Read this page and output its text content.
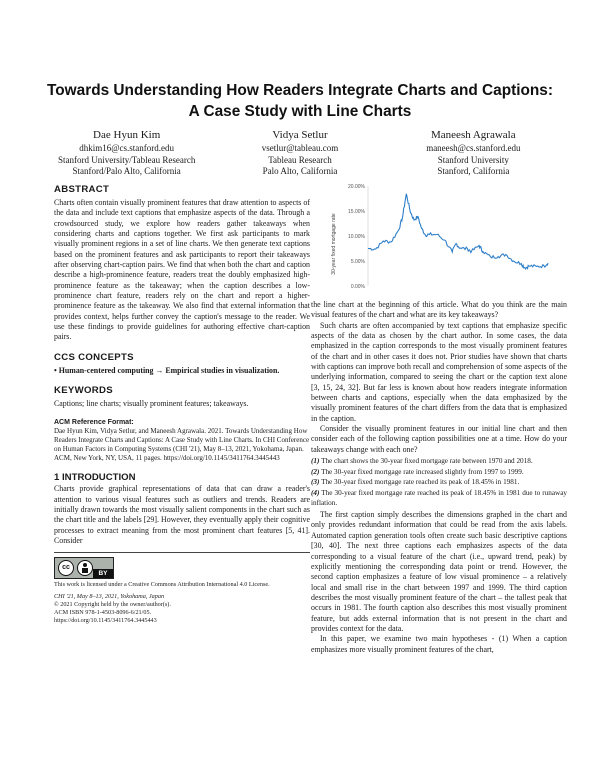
Towards Understanding How Readers Integrate Charts and Captions: A Case Study with Line Charts
Dae Hyun Kim
dhkim16@cs.stanford.edu
Stanford University/Tableau Research
Stanford/Palo Alto, California
Vidya Setlur
vsetlur@tableau.com
Tableau Research
Palo Alto, California
Maneesh Agrawala
maneesh@cs.stanford.edu
Stanford University
Stanford, California
ABSTRACT

Charts often contain visually prominent features that draw attention to aspects of the data and include text captions that emphasize aspects of the data. Through a crowdsourced study, we explore how readers gather takeaways when considering charts and captions together. We first ask participants to mark visually prominent regions in a set of line charts. We then generate text captions based on the prominent features and ask participants to report their takeaways after observing chart-caption pairs. We find that when both the chart and caption describe a high-prominence feature, readers treat the doubly emphasized high-prominence feature as the takeaway; when the caption describes a low-prominence chart feature, readers rely on the chart and report a higher-prominence feature as the takeaway. We also find that external information that provides context, helps further convey the caption's message to the reader. We use these findings to provide guidelines for authoring effective chart-caption pairs.

CCS CONCEPTS

• Human-centered computing → Empirical studies in visualization.

KEYWORDS

Captions; line charts; visually prominent features; takeaways.

ACM Reference Format:

Dae Hyun Kim, Vidya Setlur, and Maneesh Agrawala. 2021. Towards Understanding How Readers Integrate Charts and Captions: A Case Study with Line Charts. In CHI Conference on Human Factors in Computing Systems (CHI '21), May 8–13, 2021, Yokohama, Japan. ACM, New York, NY, USA, 11 pages. https://doi.org/10.1145/3411764.3445443

1 INTRODUCTION

Charts provide graphical representations of data that can draw a reader's attention to various visual features such as outliers and trends. Readers are initially drawn towards the most visually salient components in the chart such as the chart title and the labels [29]. However, they eventually apply their cognitive processes to extract meaning from the most prominent chart features [5, 41]. Consider

cc
BY

This work is licensed under a Creative Commons Attribution International 4.0 License.

CHI '21, May 8–13, 2021, Yokohama, Japan

© 2021 Copyright held by the owner/author(s).

ACM ISBN 978-1-4503-8096-6/21/05.

https://doi.org/10.1145/3411764.3445443

0.00%
5.00%
10.00%
15.00%
20.00%
30-year fixed mortgage rate

the line chart at the beginning of this article. What do you think are the main visual features of the chart and what are its key takeaways?

Such charts are often accompanied by text captions that emphasize specific aspects of the data as chosen by the chart author. In some cases, the data emphasized in the caption corresponds to the most visually prominent features of the chart and in other cases it does not. Prior studies have shown that charts with captions can improve both recall and comprehension of some aspects of the underlying information, compared to seeing the chart or the caption text alone [3, 15, 24, 32]. But far less is known about how readers integrate information between charts and captions, especially when the data emphasized by the visually prominent features of the chart differs from the data that is emphasized in the caption.

Consider the visually prominent features in our initial line chart and then consider each of the following caption possibilities one at a time. How do your takeaways change with each one?

(1) The chart shows the 30-year fixed mortgage rate between 1970 and 2018.

(2) The 30-year fixed mortgage rate increased slightly from 1997 to 1999.

(3) The 30-year fixed mortgage rate reached its peak of 18.45% in 1981.

(4) The 30-year fixed mortgage rate reached its peak of 18.45% in 1981 due to runaway inflation.

The first caption simply describes the dimensions graphed in the chart and only provides redundant information that could be read from the axis labels. Automated caption generation tools often create such basic descriptive captions [30, 40]. The next three captions each emphasizes aspects of the data corresponding to a visual feature of the chart (i.e., upward trend, peak) by explicitly mentioning the corresponding data point or trend. However, the second caption emphasizes a feature of low visual prominence – a relatively local and small rise in the chart between 1997 and 1999. The third caption describes the most visually prominent feature of the chart – the tallest peak that occurs in 1981. The fourth caption also describes this most visually prominent feature, but adds external information that is not present in the chart and provides context for the data.

In this paper, we examine two main hypotheses - (1) When a caption emphasizes more visually prominent features of the chart,
